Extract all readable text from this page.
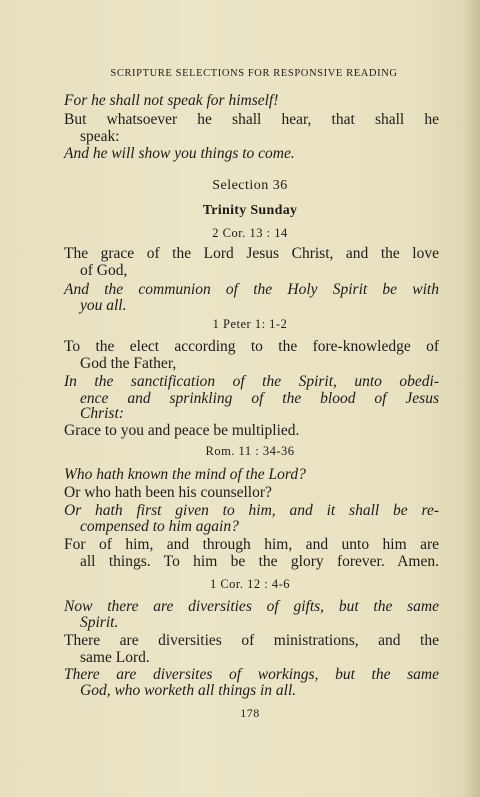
SCRIPTURE SELECTIONS FOR RESPONSIVE READING
For he shall not speak for himself!
But whatsoever he shall hear, that shall he
speak:
And he will show you things to come.
Selection 36
Trinity Sunday
2 Cor. 13 : 14
The grace of the Lord Jesus Christ, and the love
of God,
And the communion of the Holy Spirit be with
you all.
1 Peter 1: 1-2
To the elect according to the fore-knowledge of
God the Father,
In the sanctification of the Spirit, unto obedi-
ence and sprinkling of the blood of Jesus
Christ:
Grace to you and peace be multiplied.
Rom. 11 : 34-36
Who hath known the mind of the Lord?
Or who hath been his counsellor?
Or hath first given to him, and it shall be re-
compensed to him again?
For of him, and through him, and unto him are
all things. To him be the glory forever. Amen.
1 Cor. 12 : 4-6
Now there are diversities of gifts, but the same
Spirit.
There are diversities of ministrations, and the
same Lord.
There are diversites of workings, but the same
God, who worketh all things in all.
178
